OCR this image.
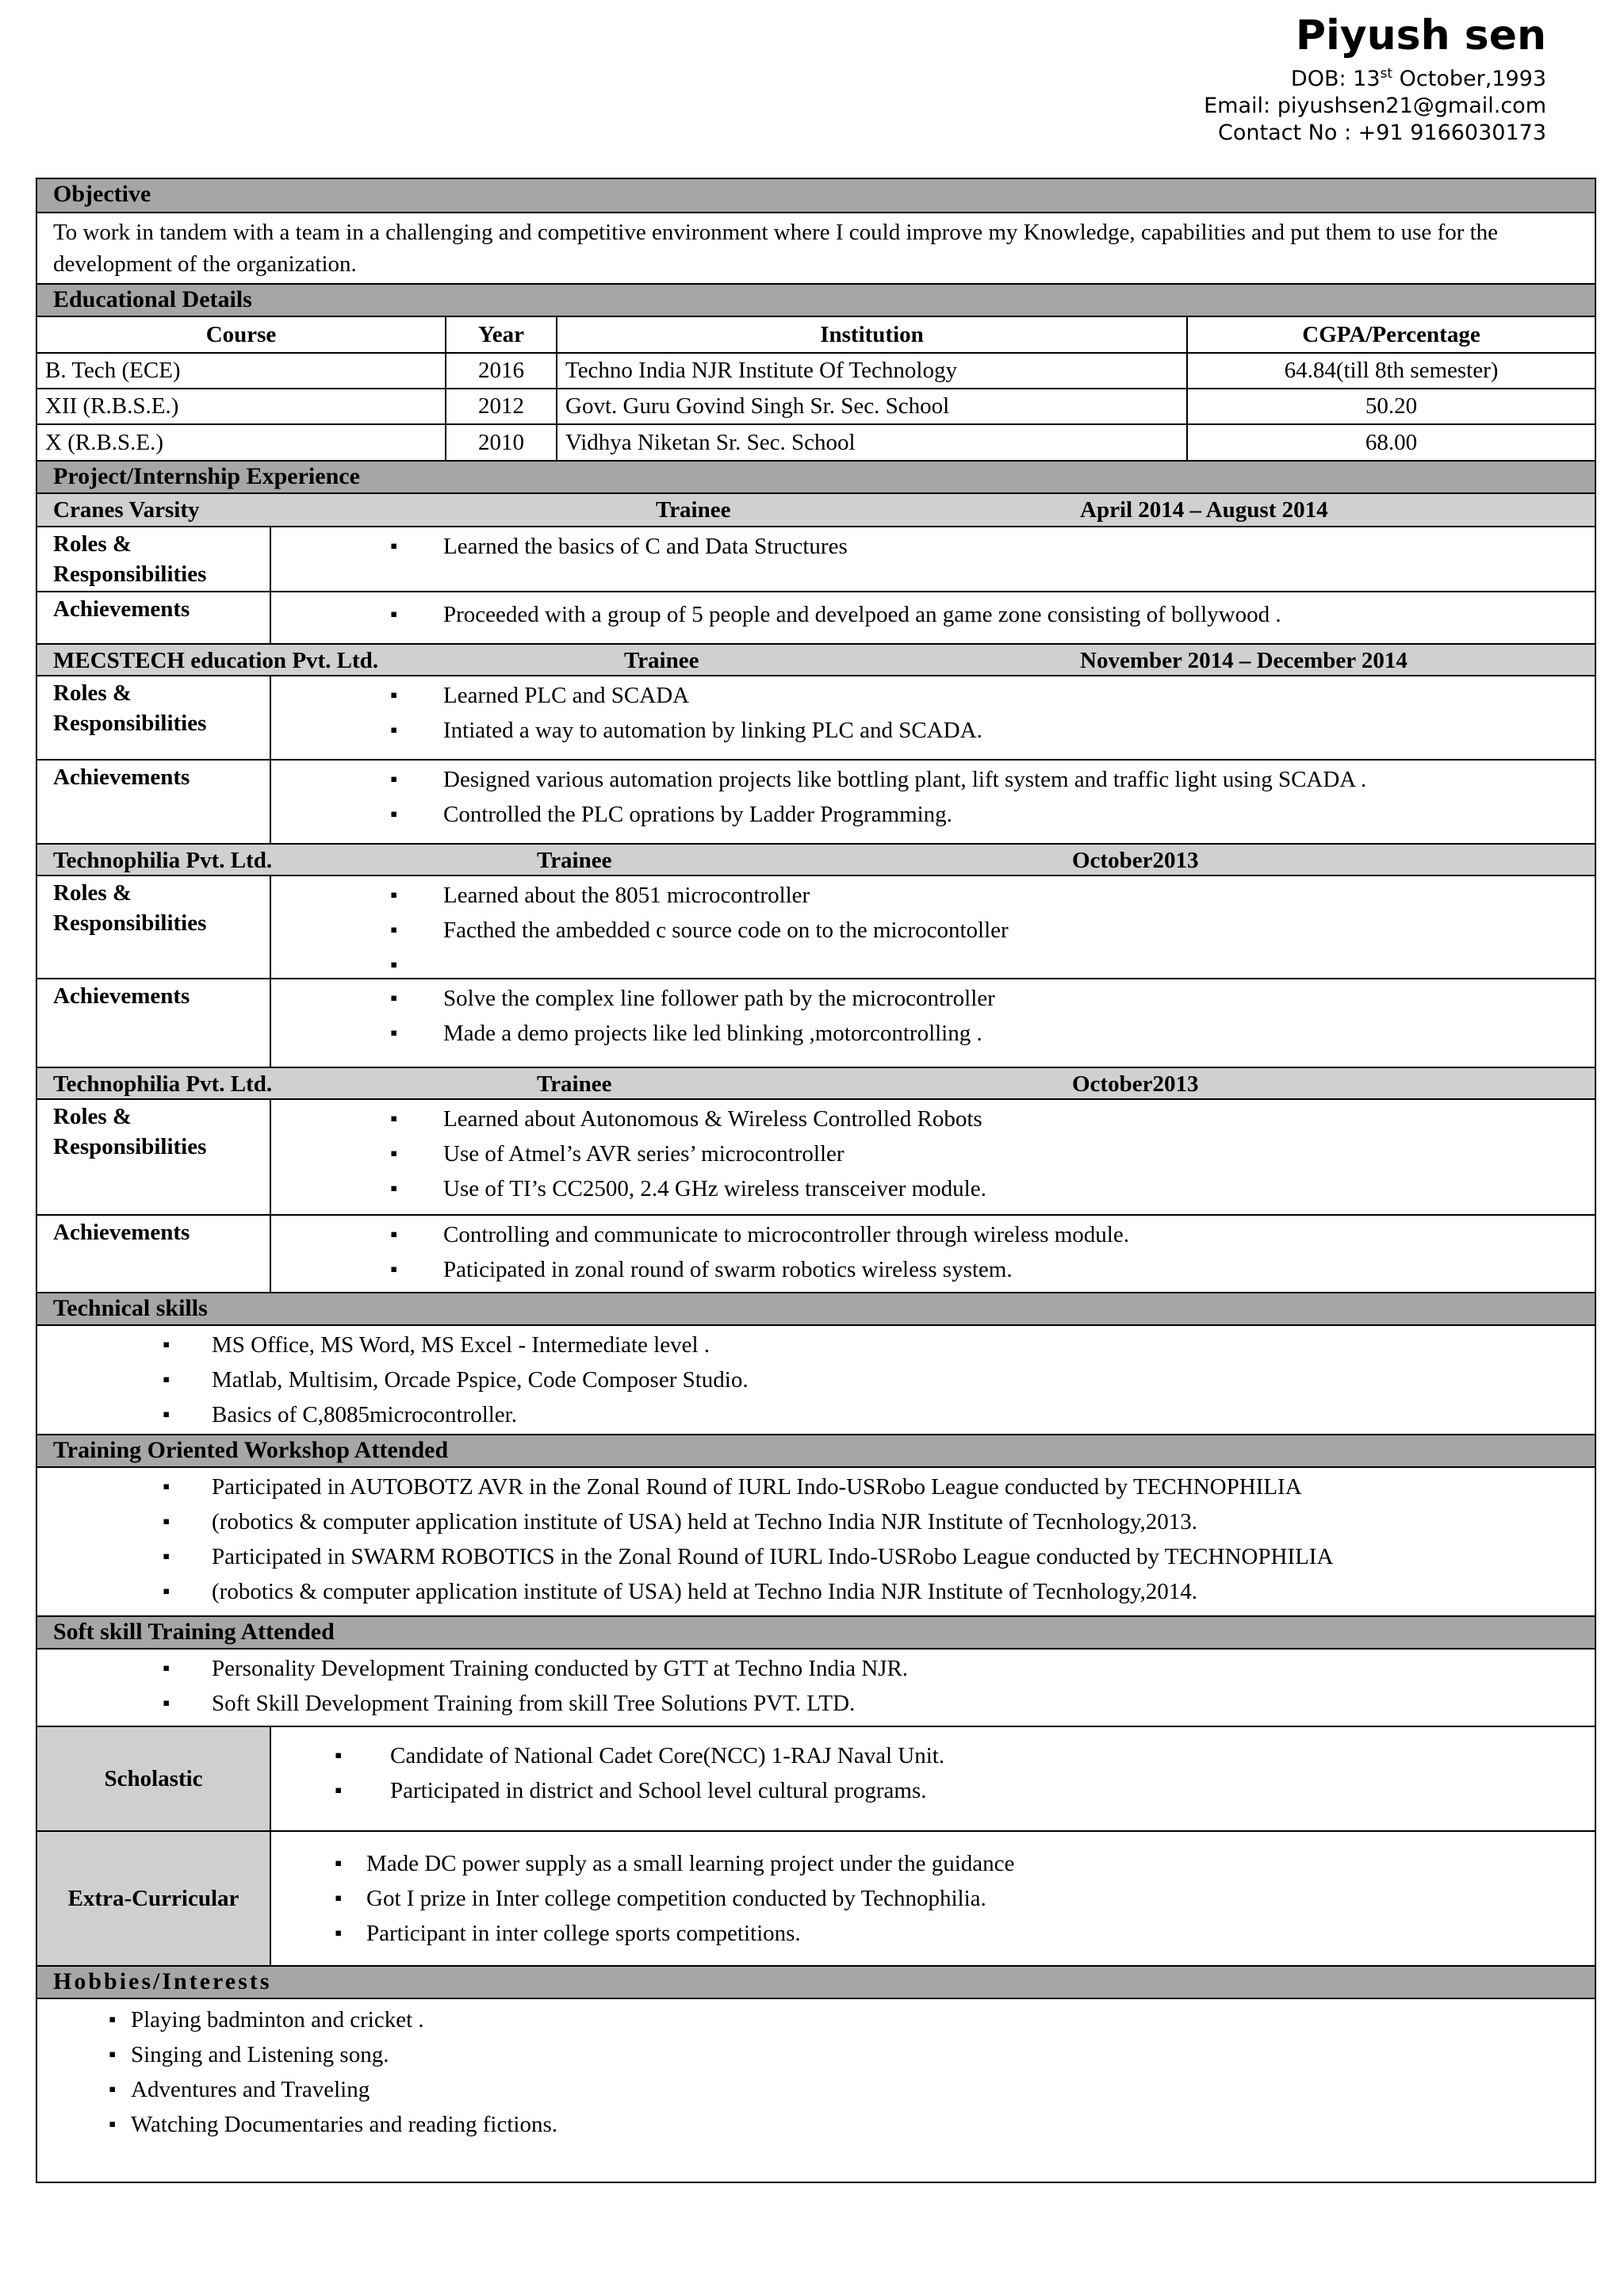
Piyush sen
DOB: 13st October,1993
Email: piyushsen21@gmail.com
Contact No : +91 9166030173
Objective
To work in tandem with a team in a challenging and competitive environment where I could improve my Knowledge, capabilities and put them to use for the development of the organization.
Educational Details
Course	Year	Institution	CGPA/Percentage
B. Tech (ECE)	2016	Techno India NJR Institute Of Technology	64.84(till 8th semester)
XII (R.B.S.E.)	2012	Govt. Guru Govind Singh Sr. Sec. School	50.20
X (R.B.S.E.)	2010	Vidhya Niketan Sr. Sec. School	68.00
Project/Internship Experience
Cranes Varsity	Trainee	April 2014 – August 2014
Roles & Responsibilities
▪ Learned the basics of C and Data Structures
Achievements	▪ Proceeded with a group of 5 people and develpoed an game zone consisting of bollywood .
MECSTECH education Pvt. Ltd.	Trainee	November 2014 – December 2014
Roles & Responsibilities
▪ Learned PLC and SCADA
▪ Intiated a way to automation by linking PLC and SCADA.
Achievements	▪ Designed various automation projects like bottling plant, lift system and traffic light using SCADA .
▪ Controlled the PLC oprations by Ladder Programming.
Technophilia Pvt. Ltd.	Trainee	October2013
Roles & Responsibilities
▪ Learned about the 8051 microcontroller
▪ Facthed the ambedded c source code on to the microcontoller
Achievements	▪ Solve the complex line follower path by the microcontroller
▪ Made a demo projects like led blinking ,motorcontrolling .
Technophilia Pvt. Ltd.	Trainee	October2013
Roles & Responsibilities
▪ Learned about Autonomous & Wireless Controlled Robots
▪ Use of Atmel’s AVR series’ microcontroller
▪ Use of TI’s CC2500, 2.4 GHz wireless transceiver module.
Achievements	▪ Controlling and communicate to microcontroller through wireless module.
▪ Paticipated in zonal round of swarm robotics wireless system.
Technical skills
▪ MS Office, MS Word, MS Excel - Intermediate level .
▪ Matlab, Multisim, Orcade Pspice, Code Composer Studio.
▪ Basics of C,8085microcontroller.
Training Oriented Workshop Attended
▪ Participated in AUTOBOTZ AVR in the Zonal Round of IURL Indo-USRobo League conducted by TECHNOPHILIA
▪ (robotics & computer application institute of USA) held at Techno India NJR Institute of Tecnhology,2013.
▪ Participated in SWARM ROBOTICS in the Zonal Round of IURL Indo-USRobo League conducted by TECHNOPHILIA
▪ (robotics & computer application institute of USA) held at Techno India NJR Institute of Tecnhology,2014.
Soft skill Training Attended
▪ Personality Development Training conducted by GTT at Techno India NJR.
▪ Soft Skill Development Training from skill Tree Solutions PVT. LTD.
Scholastic
▪ Candidate of National Cadet Core(NCC) 1-RAJ Naval Unit.
▪ Participated in district and School level cultural programs.
Extra-Curricular
▪ Made DC power supply as a small learning project under the guidance
▪ Got I prize in Inter college competition conducted by Technophilia.
▪ Participant in inter college sports competitions.
Hobbies/Interests
▪ Playing badminton and cricket .
▪ Singing and Listening song.
▪ Adventures and Traveling
▪ Watching Documentaries and reading fictions.
